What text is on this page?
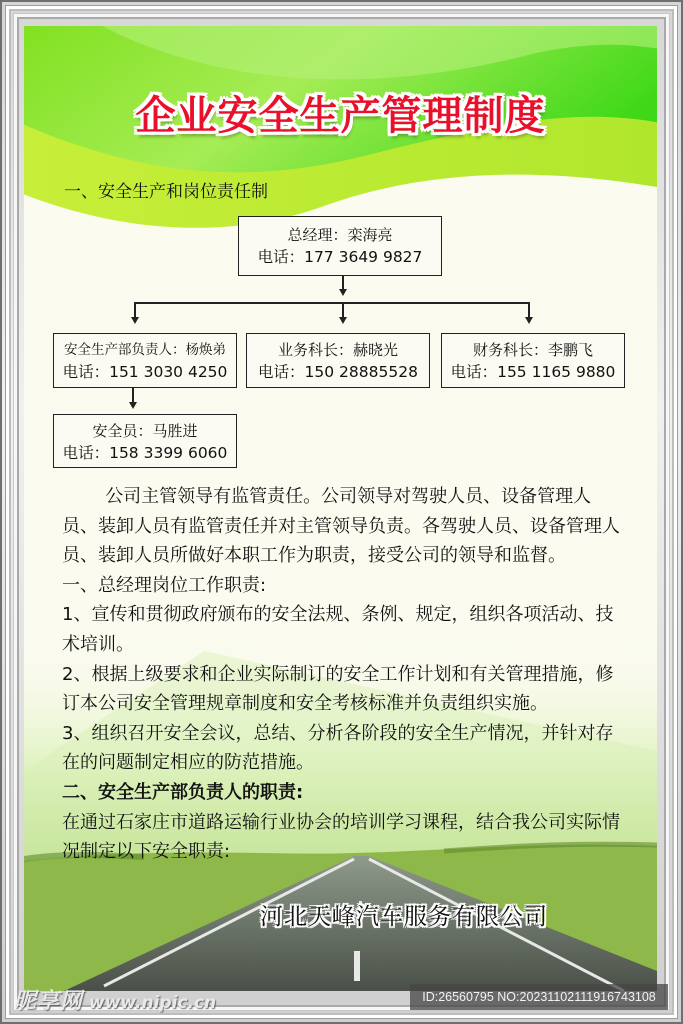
企业安全生产管理制度
一、安全生产和岗位责任制
总经理：栾海亮
电话：177 3649 9827
安全生产部负责人：杨焕弟
电话：151 3030 4250
业务科长：赫晓光
电话：150 28885528
财务科长：李鹏飞
电话：155 1165 9880
安全员：马胜进
电话：158 3399 6060

公司主管领导有监管责任。公司领导对驾驶人员、设备管理人员、装卸人员有监管责任并对主管领导负责。各驾驶人员、设备管理人员、装卸人员所做好本职工作为职责，接受公司的领导和监督。

一、总经理岗位工作职责:

1、宣传和贯彻政府颁布的安全法规、条例、规定，组织各项活动、技术培训。

2、根据上级要求和企业实际制订的安全工作计划和有关管理措施，修订本公司安全管理规章制度和安全考核标准并负责组织实施。

3、组织召开安全会议，总结、分析各阶段的安全生产情况，并针对存在的问题制定相应的防范措施。

二、安全生产部负责人的职责:

在通过石家庄市道路运输行业协会的培训学习课程，结合我公司实际情况制定以下安全职责:

河北天峰汽车服务有限公司
昵享网 www.nipic.cn	ID:26560795 NO:20231102111916743108
